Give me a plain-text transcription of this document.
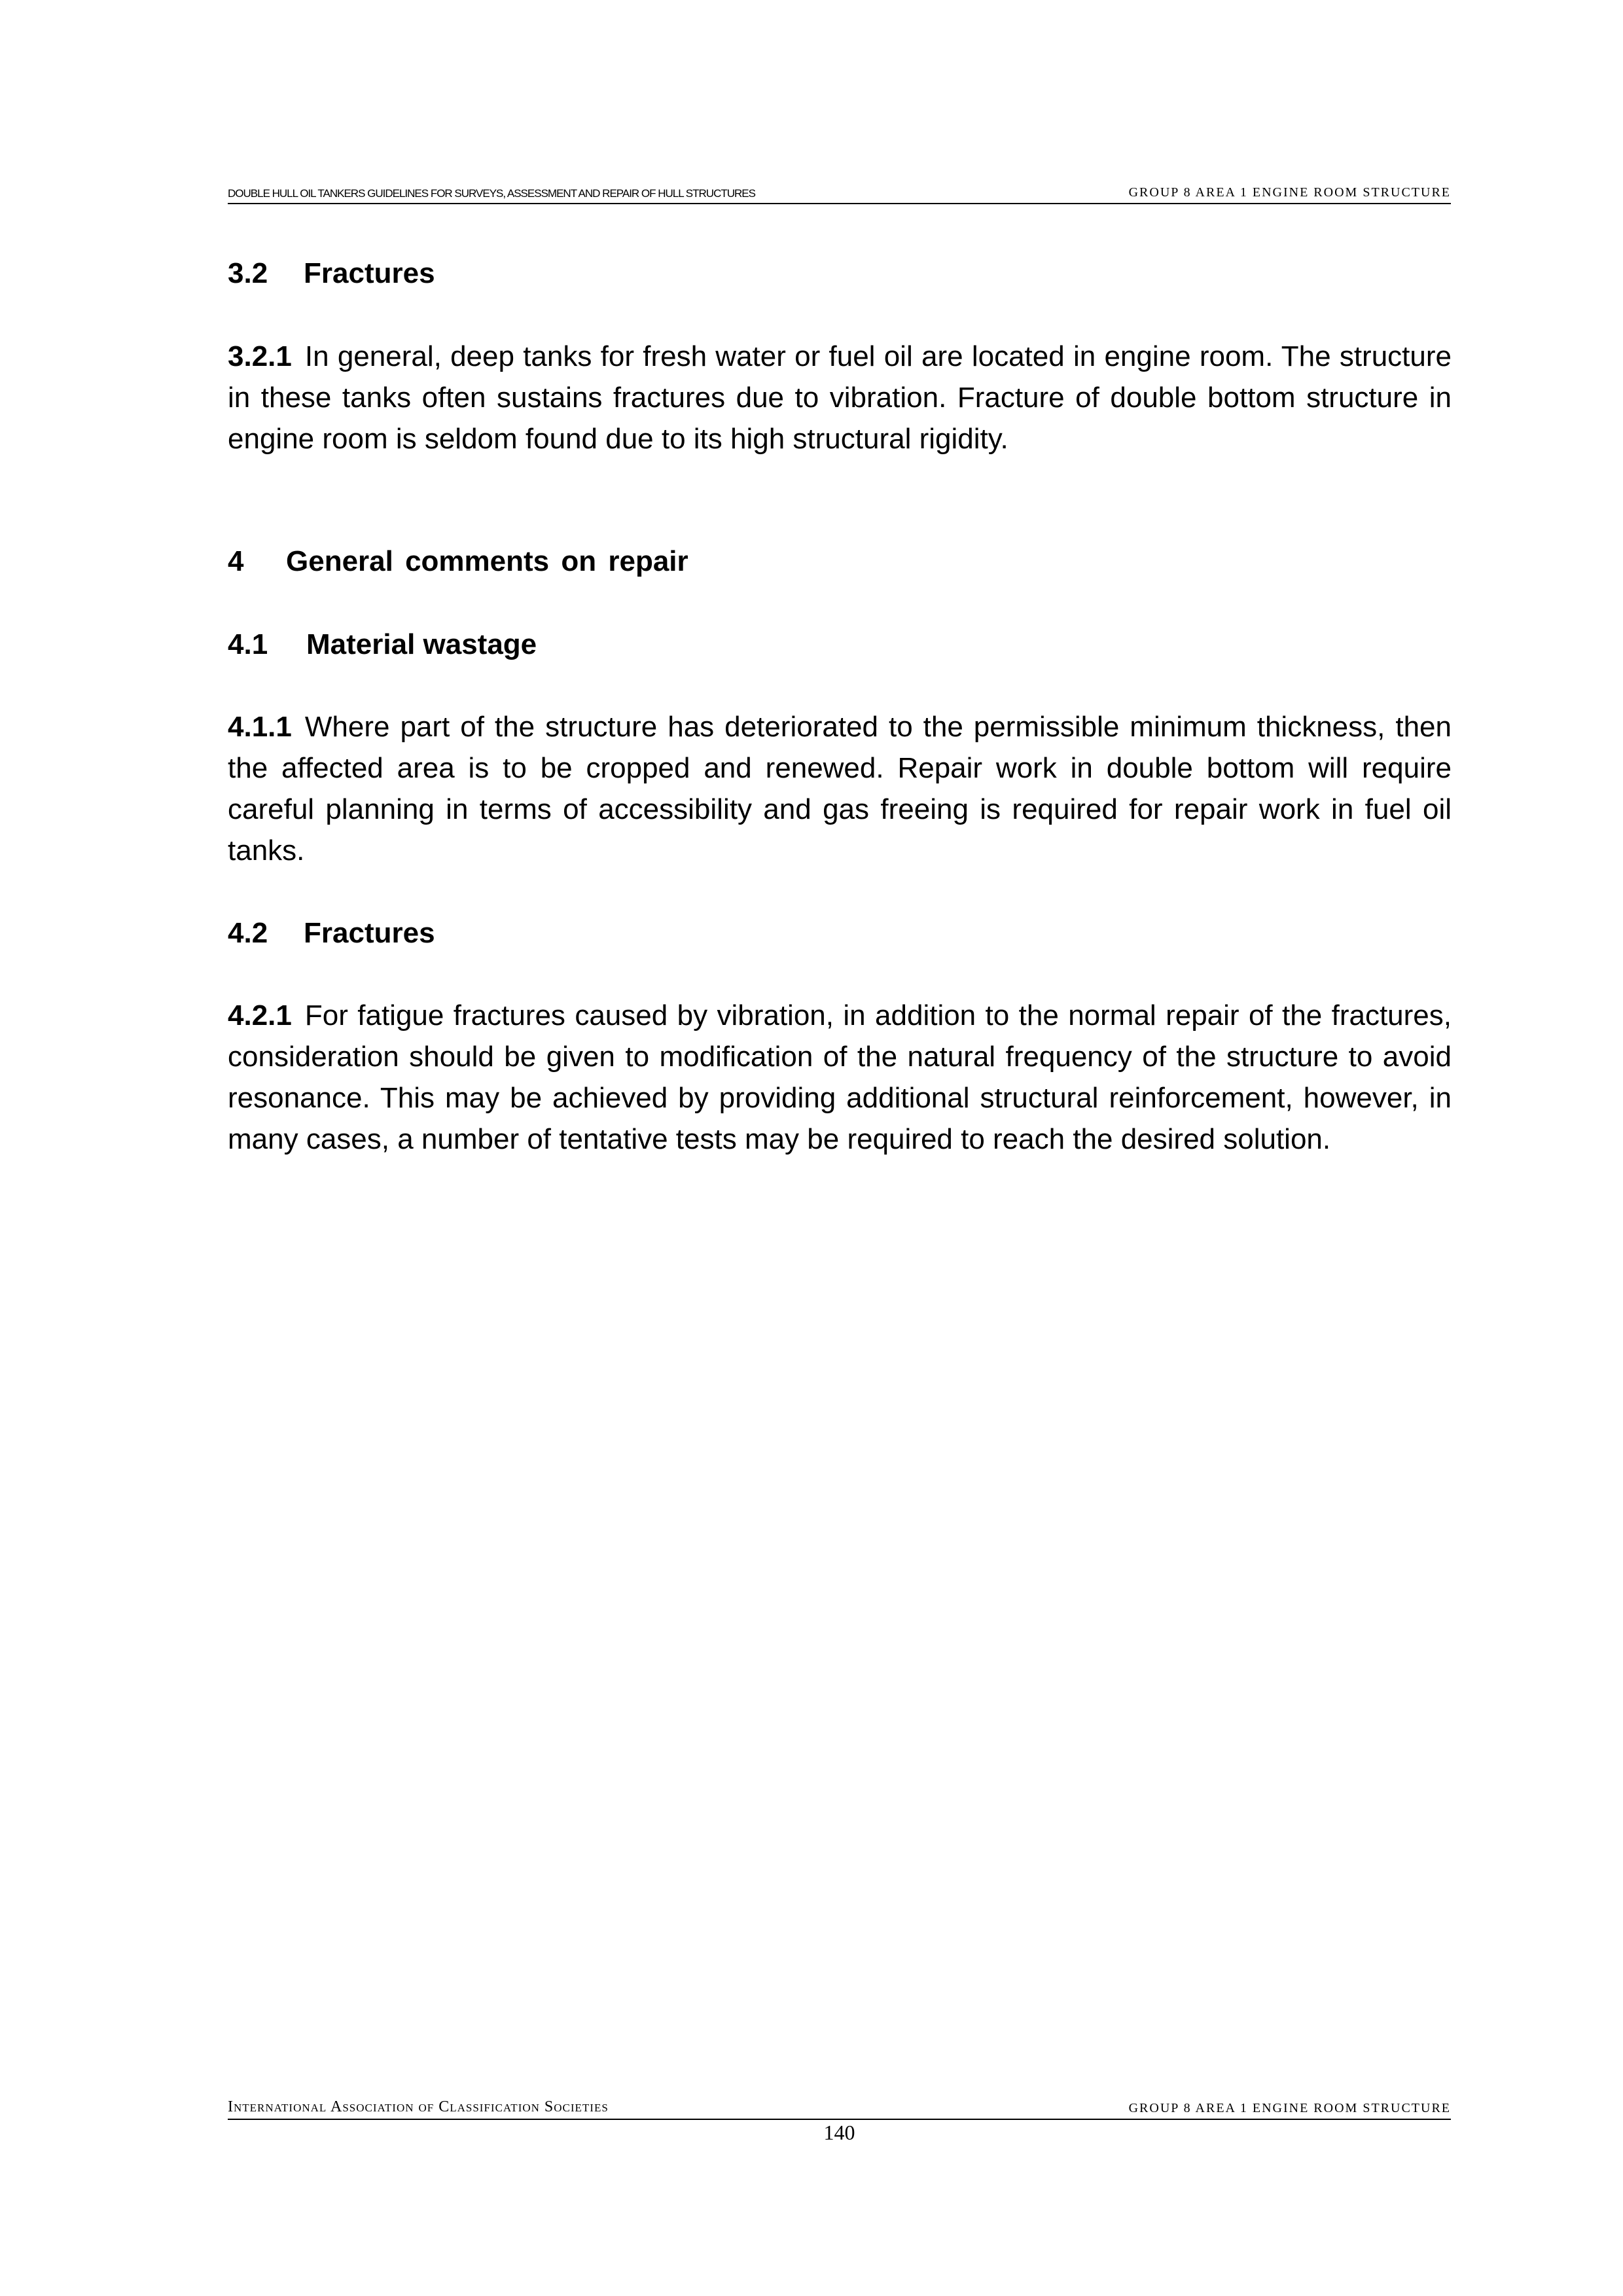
DOUBLE HULL OIL TANKERS GUIDELINES FOR SURVEYS, ASSESSMENT AND REPAIR OF HULL STRUCTURES	GROUP 8 AREA 1 ENGINE ROOM STRUCTURE

3.2 Fractures

3.2.1 In general, deep tanks for fresh water or fuel oil are located in engine room. The structure in these tanks often sustains fractures due to vibration. Fracture of double bottom structure in engine room is seldom found due to its high structural rigidity.

4 General comments on repair

4.1 Material wastage

4.1.1 Where part of the structure has deteriorated to the permissible minimum thickness, then the affected area is to be cropped and renewed. Repair work in double bottom will require careful planning in terms of accessibility and gas freeing is required for repair work in fuel oil tanks.

4.2 Fractures

4.2.1 For fatigue fractures caused by vibration, in addition to the normal repair of the fractures, consideration should be given to modification of the natural frequency of the structure to avoid resonance. This may be achieved by providing additional structural reinforcement, however, in many cases, a number of tentative tests may be required to reach the desired solution.

International Association of Classification Societies	GROUP 8 AREA 1 ENGINE ROOM STRUCTURE
140
